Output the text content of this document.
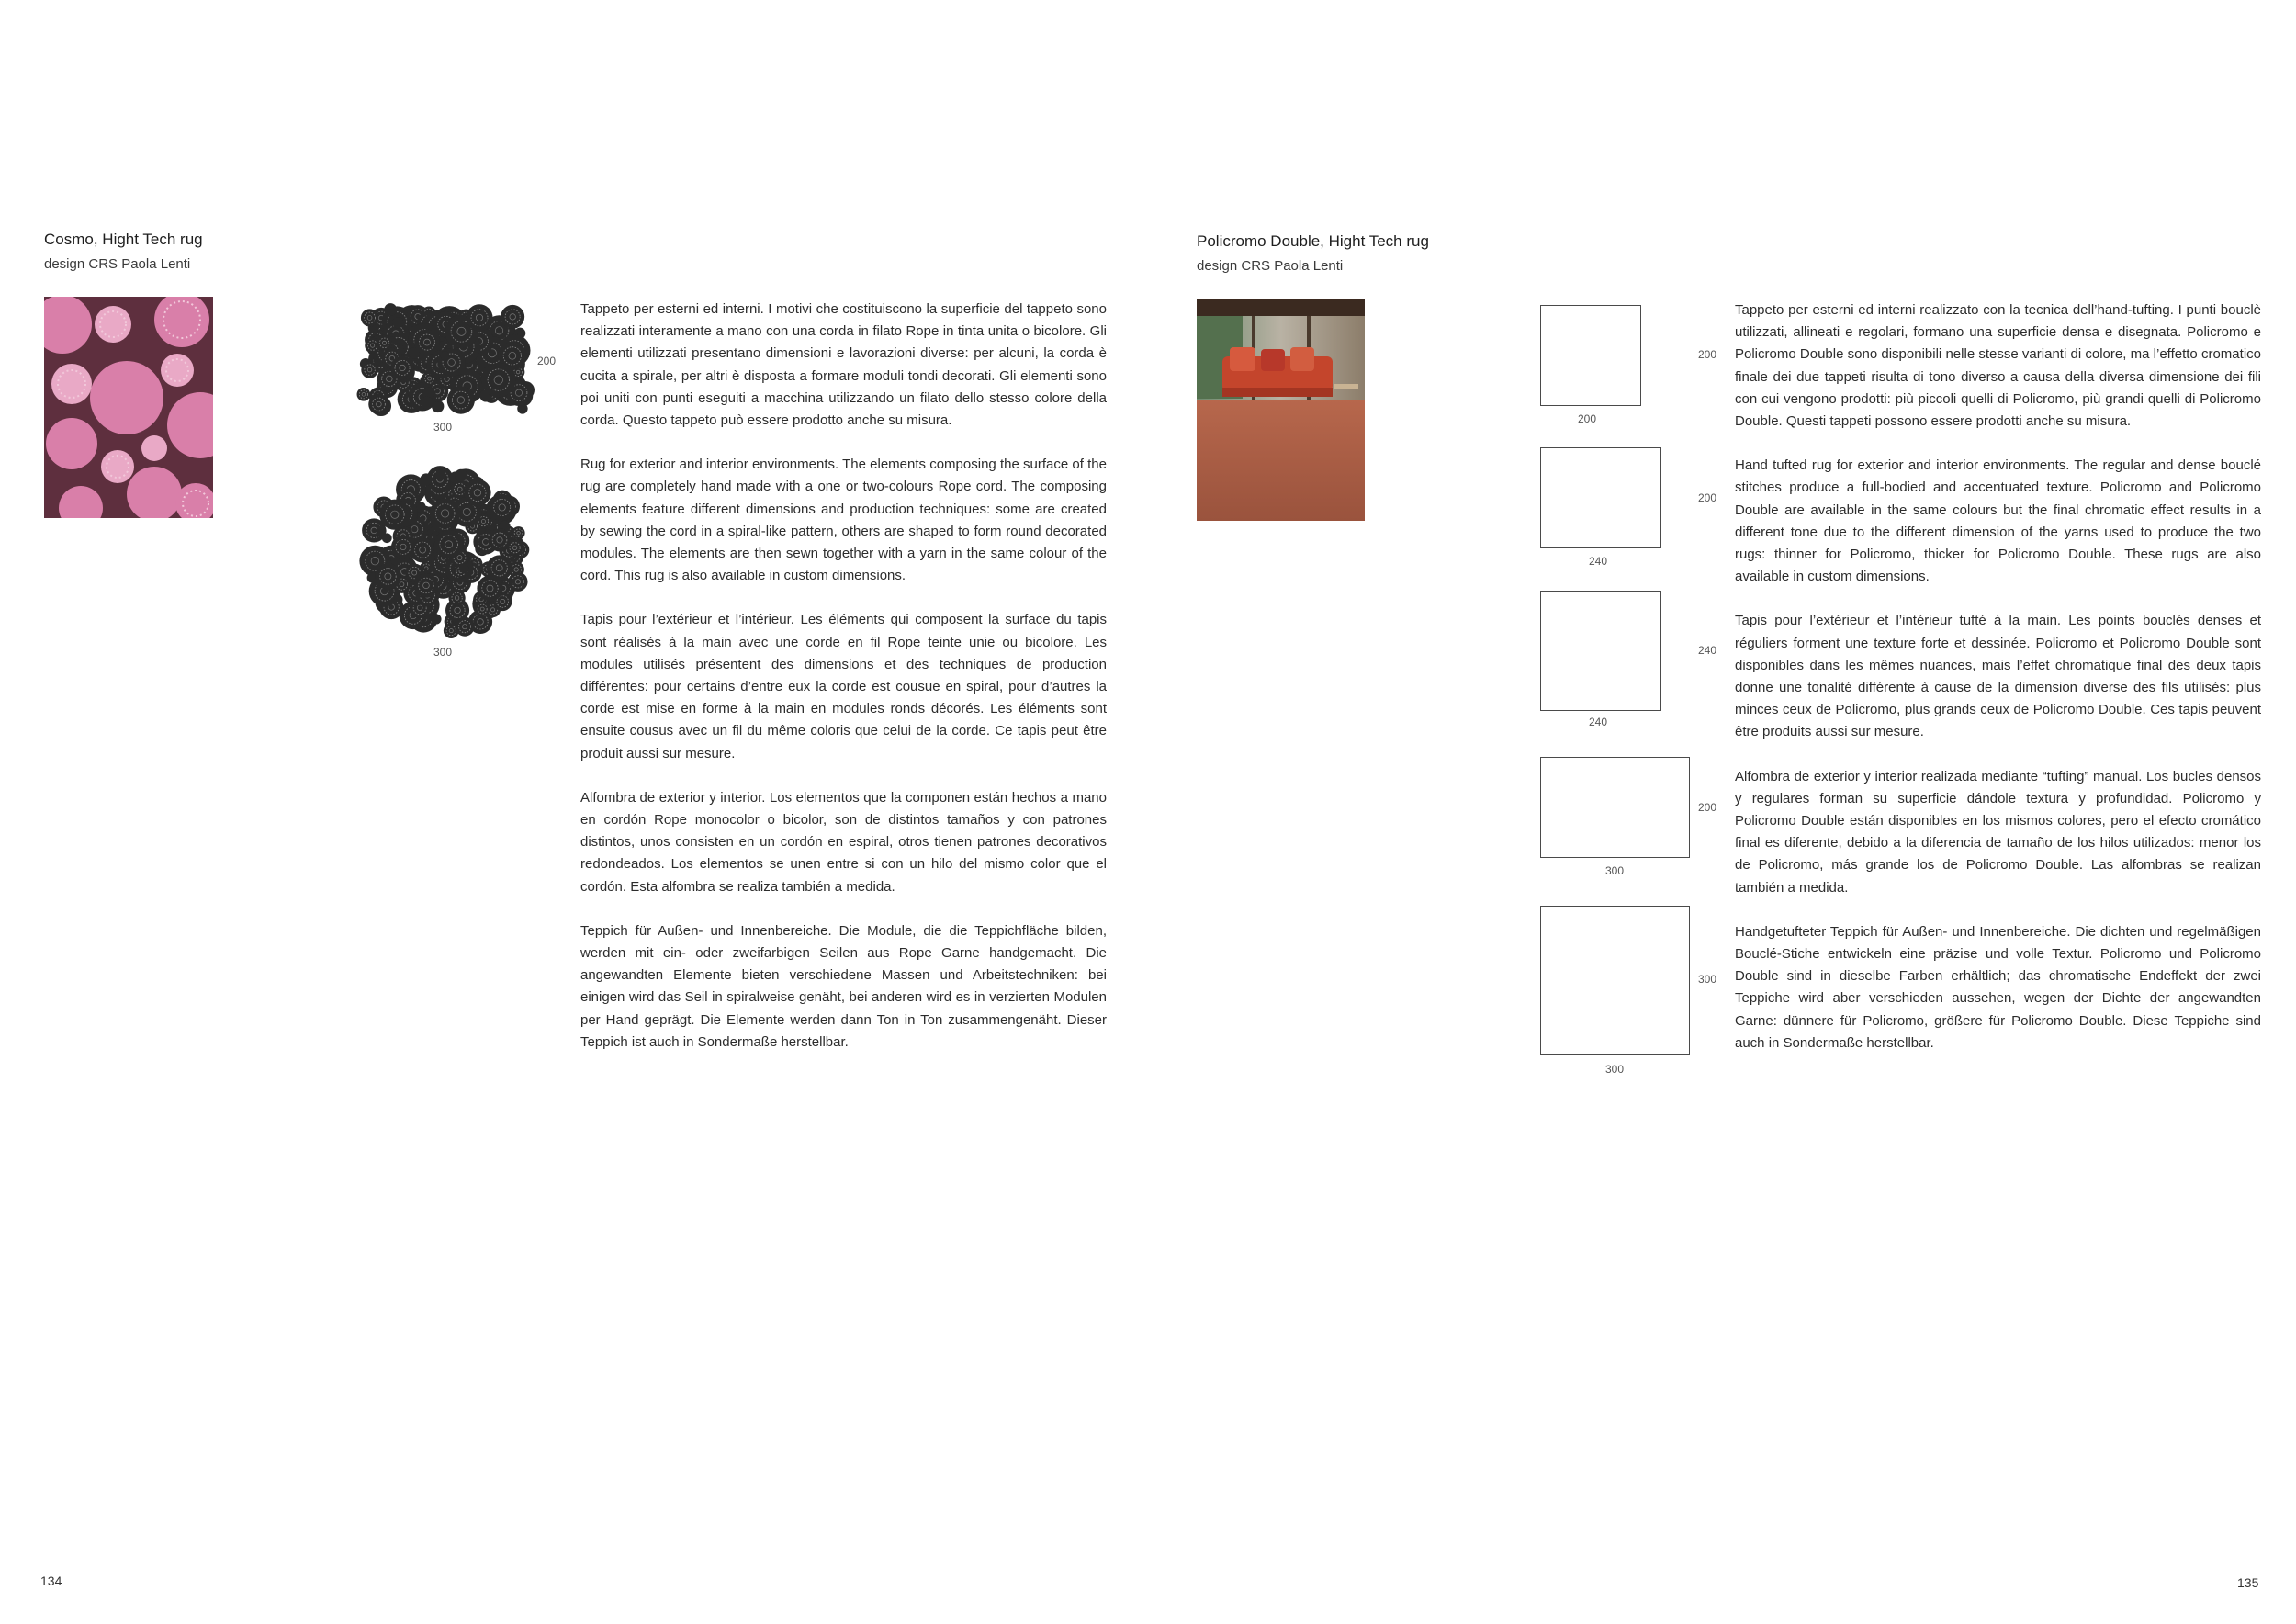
Cosmo, Hight Tech rug
design CRS Paola Lenti
200
300
300

Tappeto per esterni ed interni. I motivi che costituiscono la superficie del tappeto sono realizzati interamente a mano con una corda in filato Rope in tinta unita o bicolore. Gli elementi utilizzati presentano dimensioni e lavorazioni diverse: per alcuni, la corda è cucita a spirale, per altri è disposta a formare moduli tondi decorati. Gli elementi sono poi uniti con punti eseguiti a macchina utilizzando un filato dello stesso colore della corda. Questo tappeto può essere prodotto anche su misura.

Rug for exterior and interior environments. The elements composing the surface of the rug are completely hand made with a one or two-colours Rope cord. The composing elements feature different dimensions and production techniques: some are created by sewing the cord in a spiral-like pattern, others are shaped to form round decorated modules. The elements are then sewn together with a yarn in the same colour of the cord. This rug is also available in custom dimensions.

Tapis pour l’extérieur et l’intérieur. Les éléments qui composent la surface du tapis sont réalisés à la main avec une corde en fil Rope teinte unie ou bicolore. Les modules utilisés présentent des dimensions et des techniques de production différentes: pour certains d’entre eux la corde est cousue en spiral, pour d’autres la corde est mise en forme à la main en modules ronds décorés. Les éléments sont ensuite cousus avec un fil du même coloris que celui de la corde. Ce tapis peut être produit aussi sur mesure.

Alfombra de exterior y interior. Los elementos que la componen están hechos a mano en cordón Rope monocolor o bicolor, son de distintos tamaños y con patrones distintos, unos consisten en un cordón en espiral, otros tienen patrones decorativos redondeados. Los elementos se unen entre si con un hilo del mismo color que el cordón. Esta alfombra se realiza también a medida.

Teppich für Außen- und Innenbereiche. Die Module, die die Teppichfläche bilden, werden mit ein- oder zweifarbigen Seilen aus Rope Garne handgemacht. Die angewandten Elemente bieten verschiedene Massen und Arbeitstechniken: bei einigen wird das Seil in spiralweise genäht, bei anderen wird es in verzierten Modulen per Hand geprägt. Die Elemente werden dann Ton in Ton zusammengenäht. Dieser Teppich ist auch in Sondermaße herstellbar.

134
Policromo Double, Hight Tech rug
design CRS Paola Lenti
200
200
200
240
240
240
200
300
300
300

Tappeto per esterni ed interni realizzato con la tecnica dell’hand-tufting. I punti bouclè utilizzati, allineati e regolari, formano una superficie densa e disegnata. Policromo e Policromo Double sono disponibili nelle stesse varianti di colore, ma l’effetto cromatico finale dei due tappeti risulta di tono diverso a causa della diversa dimensione dei fili con cui vengono prodotti: più piccoli quelli di Policromo, più grandi quelli di Policromo Double. Questi tappeti possono essere prodotti anche su misura.

Hand tufted rug for exterior and interior environments. The regular and dense bouclé stitches produce a full-bodied and accentuated texture. Policromo and Policromo Double are available in the same colours but the final chromatic effect results in a different tone due to the different dimension of the yarns used to produce the two rugs: thinner for Policromo, thicker for Policromo Double. These rugs are also available in custom dimensions.

Tapis pour l’extérieur et l’intérieur tufté à la main. Les points bouclés denses et réguliers forment une texture forte et dessinée. Policromo et Policromo Double sont disponibles dans les mêmes nuances, mais l’effet chromatique final des deux tapis donne une tonalité différente à cause de la dimension diverse des fils utilisés: plus minces ceux de Policromo, plus grands ceux de Policromo Double. Ces tapis peuvent être produits aussi sur mesure.

Alfombra de exterior y interior realizada mediante “tufting” manual. Los bucles densos y regulares forman su superficie dándole textura y profundidad. Policromo y Policromo Double están disponibles en los mismos colores, pero el efecto cromático final es diferente, debido a la diferencia de tamaño de los hilos utilizados: menor los de Policromo, más grande los de Policromo Double. Las alfombras se realizan también a medida.

Handgetufteter Teppich für Außen- und Innenbereiche. Die dichten und regelmäßigen Bouclé-Stiche entwickeln eine präzise und volle Textur. Policromo und Policromo Double sind in dieselbe Farben erhältlich; das chromatische Endeffekt der zwei Teppiche wird aber verschieden aussehen, wegen der Dichte der angewandten Garne: dünnere für Policromo, größere für Policromo Double. Diese Teppiche sind auch in Sondermaße herstellbar.

135
